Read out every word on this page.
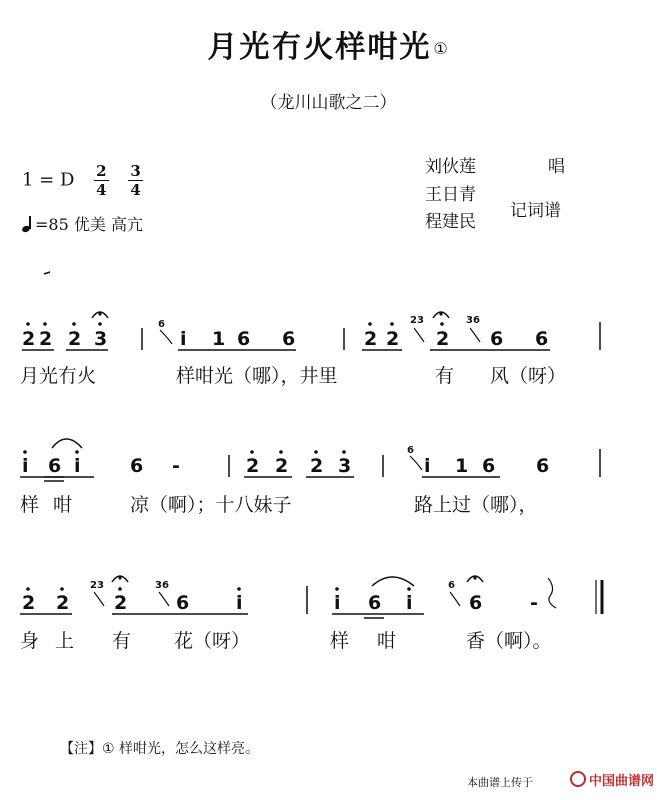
月光冇火样咁光 ①
（龙川山歌之二）
1 = D $\frac{2}{4}$
$\frac{3}{4}$
=85 优美 高亢
刘伙莲	唱
王日青
程建民
记词谱
2 2 2 3
6
i 1 6 6	2 2
23
2
36
6 6
i 6 i	6 -	2 2 2 3
6
i 1 6 6
2 2
23
2
36
6 i	i 6 i
6
6	-
月光冇火	样咁光（哪），井里	有 风（呀）
样咁 凉（啊）；十八妹子	路上过（哪），
身上 有 花（呀）	样咁 香（啊）。
【注】① 样咁光，怎么这样亮。
本曲谱上传于	中国曲谱网
